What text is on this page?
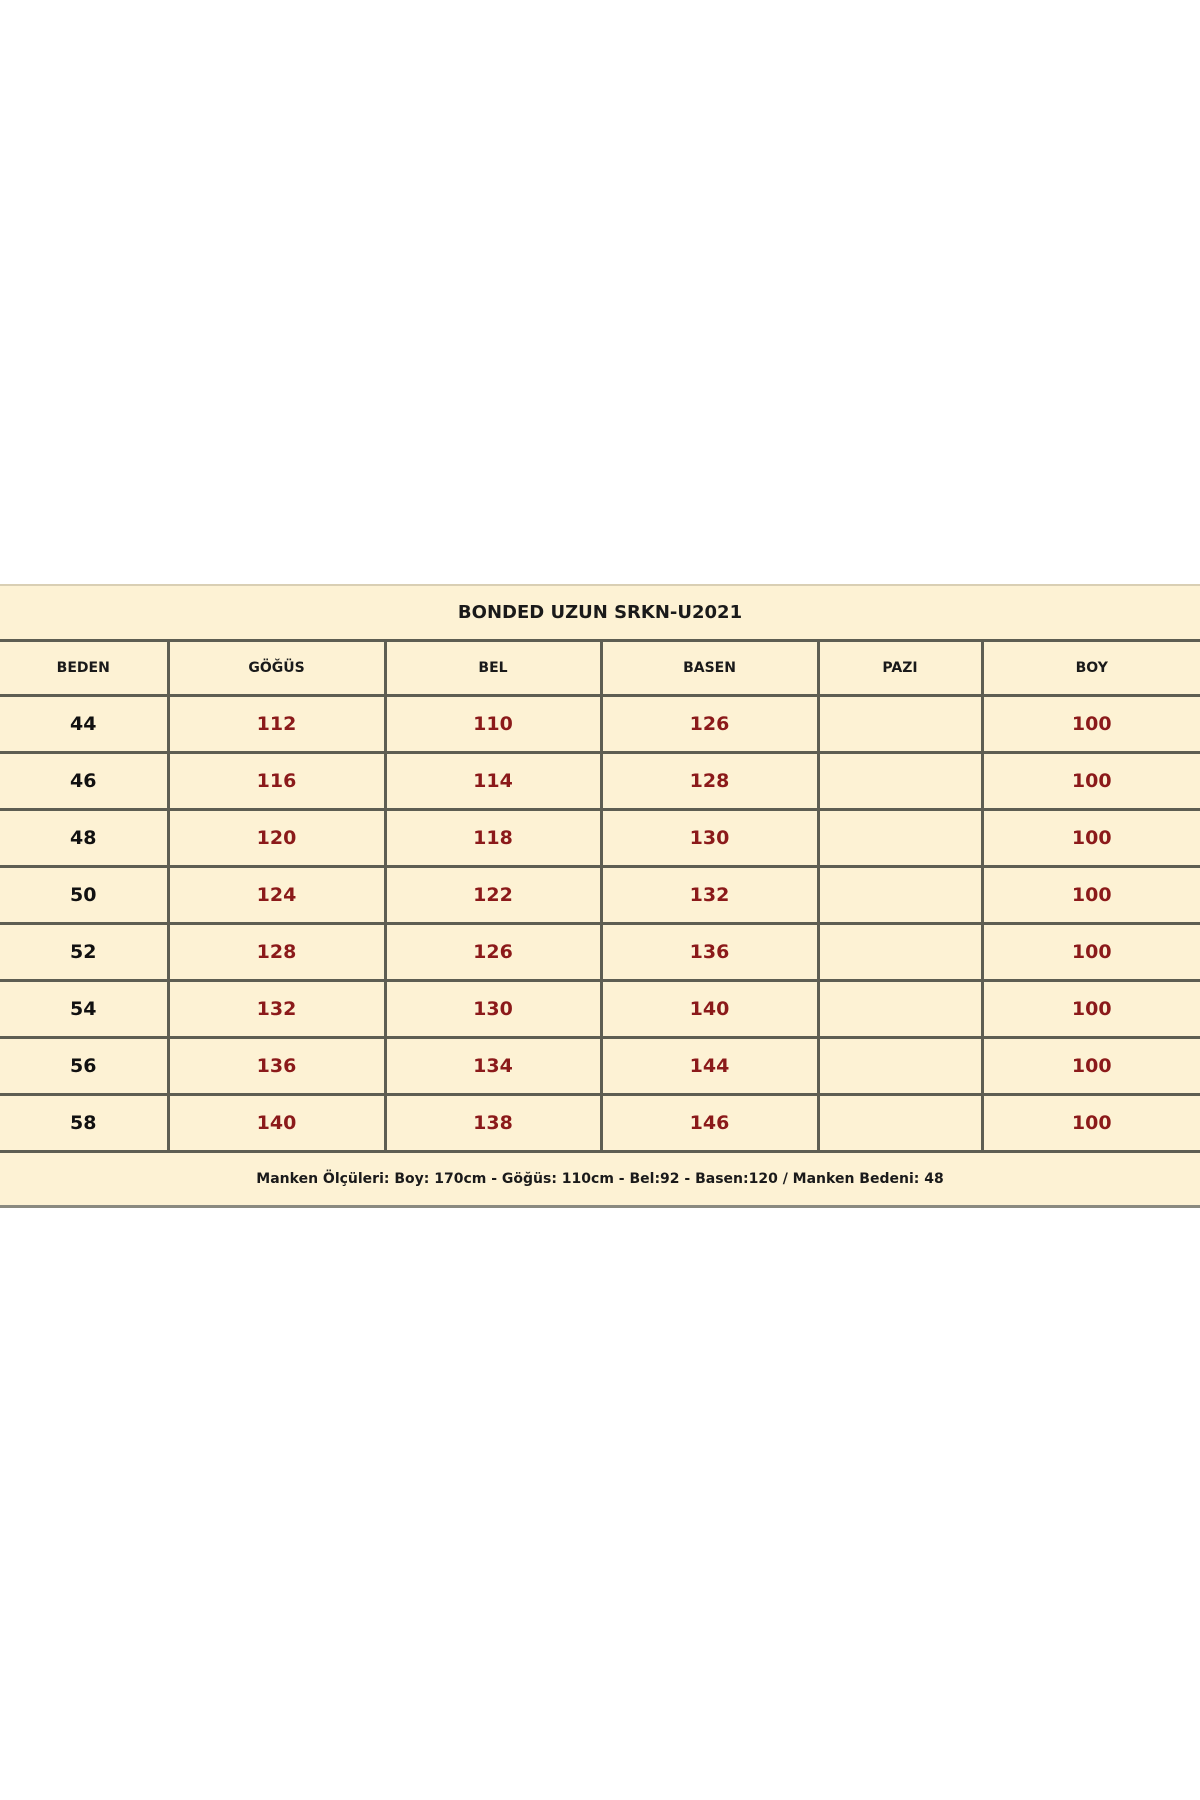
BONDED UZUN SRKN-U2021					
BEDEN	GÖĞÜS	BEL	BASEN	PAZI	BOY
44	112	110	126		100
46	116	114	128		100
48	120	118	130		100
50	124	122	132		100
52	128	126	136		100
54	132	130	140		100
56	136	134	144		100
58	140	138	146		100
Manken Ölçüleri: Boy: 170cm - Göğüs: 110cm - Bel:92 - Basen:120 / Manken Bedeni: 48					
